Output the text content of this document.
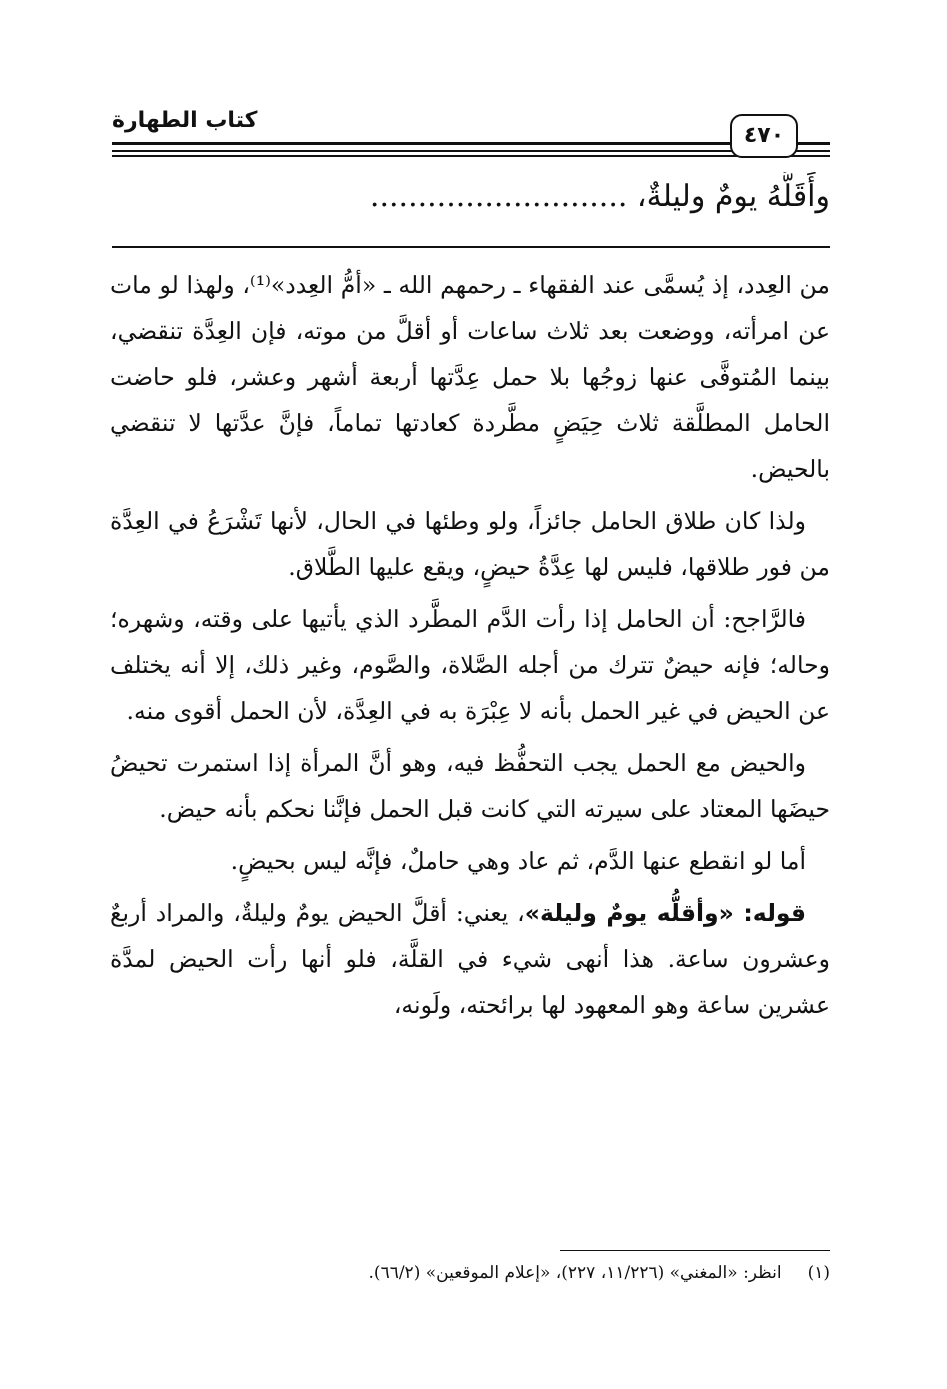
كتاب الطهارة
٤٧٠
وأَقَلُّهُ يومٌ وليلةٌ، ...........................

من العِدد، إذ يُسمَّى عند الفقهاء ـ رحمهم الله ـ «أمُّ العِدد»⁽¹⁾، ولهذا لو مات عن امرأته، ووضعت بعد ثلاث ساعات أو أقلَّ من موته، فإن العِدَّة تنقضي، بينما المُتوفَّى عنها زوجُها بلا حمل عِدَّتها أربعة أشهر وعشر، فلو حاضت الحامل المطلَّقة ثلاث حِيَضٍ مطَّردة كعادتها تماماً، فإنَّ عدَّتها لا تنقضي بالحيض.

ولذا كان طلاق الحامل جائزاً، ولو وطئها في الحال، لأنها تَشْرَعُ في العِدَّة من فور طلاقها، فليس لها عِدَّةُ حيضٍ، ويقع عليها الطَّلاق.

فالرَّاجح: أن الحامل إذا رأت الدَّم المطَّرد الذي يأتيها على وقته، وشهره؛ وحاله؛ فإنه حيضٌ تترك من أجله الصَّلاة، والصَّوم، وغير ذلك، إلا أنه يختلف عن الحيض في غير الحمل بأنه لا عِبْرَة به في العِدَّة، لأن الحمل أقوى منه.

والحيض مع الحمل يجب التحفُّظ فيه، وهو أنَّ المرأة إذا استمرت تحيضُ حيضَها المعتاد على سيرته التي كانت قبل الحمل فإنَّنا نحكم بأنه حيض.

أما لو انقطع عنها الدَّم، ثم عاد وهي حاملٌ، فإنَّه ليس بحيضٍ.

قوله: «وأقلُّه يومٌ وليلة»، يعني: أقلَّ الحيض يومٌ وليلةٌ، والمراد أربعٌ وعشرون ساعة. هذا أنهى شيء في القلَّة، فلو أنها رأت الحيض لمدَّة عشرين ساعة وهو المعهود لها برائحته، ولَونه،

(١)انظر: «المغني» (١١/٢٢٦، ٢٢٧)، «إعلام الموقعين» (٦٦/٢).
